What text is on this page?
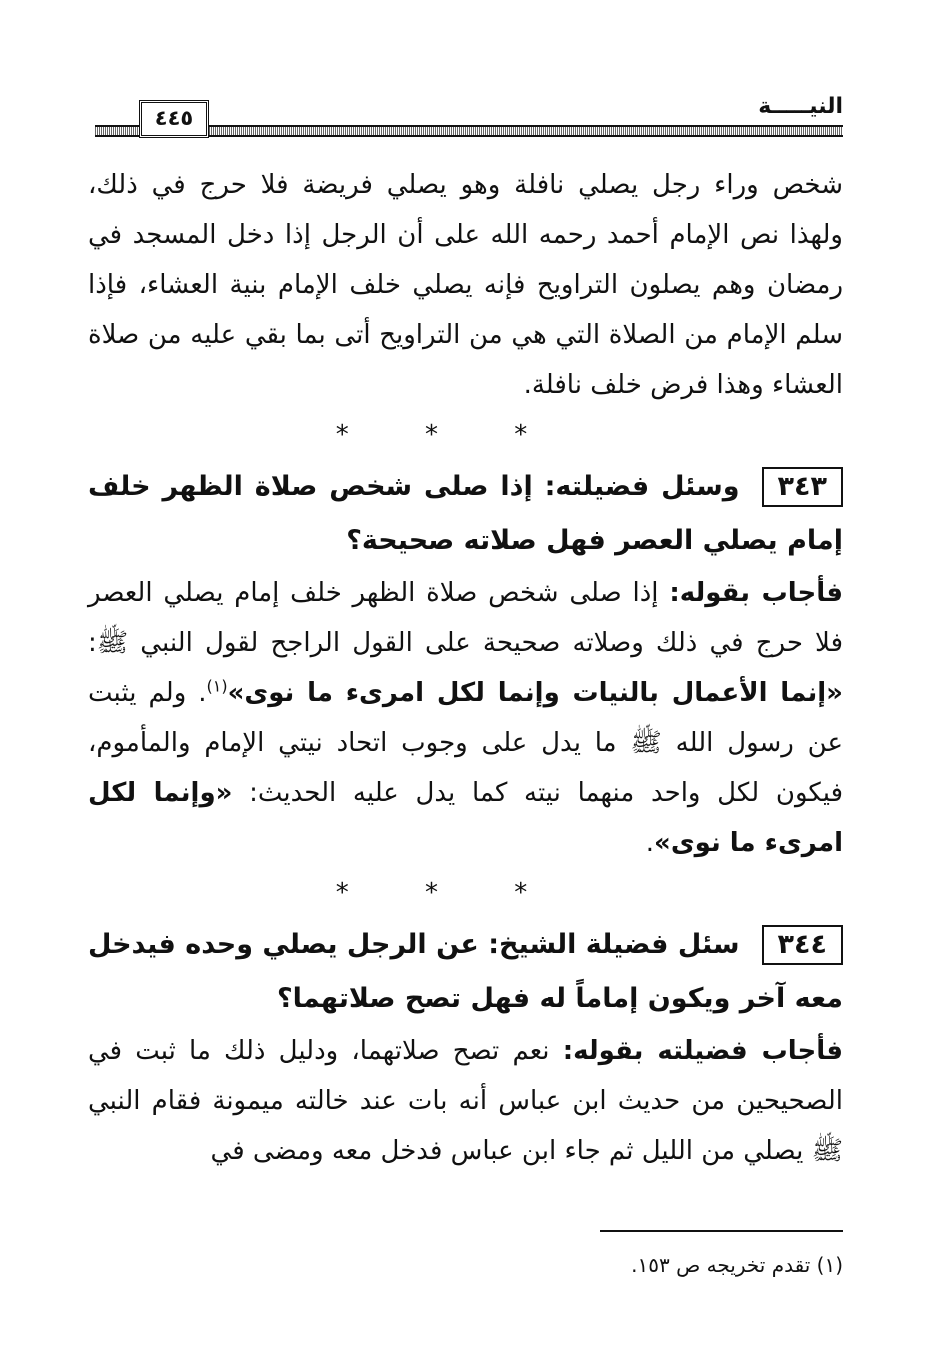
٤٤٥	النيـــــة

شخص وراء رجل يصلي نافلة وهو يصلي فريضة فلا حرج في ذلك، ولهذا نص الإمام أحمد رحمه الله على أن الرجل إذا دخل المسجد في رمضان وهم يصلون التراويح فإنه يصلي خلف الإمام بنية العشاء، فإذا سلم الإمام من الصلاة التي هي من التراويح أتى بما بقي عليه من صلاة العشاء وهذا فرض خلف نافلة.

* * *

٣٤٣وسئل فضيلته: إذا صلى شخص صلاة الظهر خلف إمام يصلي العصر فهل صلاته صحيحة؟

فأجاب بقوله: إذا صلى شخص صلاة الظهر خلف إمام يصلي العصر فلا حرج في ذلك وصلاته صحيحة على القول الراجح لقول النبي ﷺ: «إنما الأعمال بالنيات وإنما لكل امرىء ما نوى»$^{(١)}$. ولم يثبت عن رسول الله ﷺ ما يدل على وجوب اتحاد نيتي الإمام والمأموم، فيكون لكل واحد منهما نيته كما يدل عليه الحديث: «وإنما لكل امرىء ما نوى».

* * *

٣٤٤سئل فضيلة الشيخ: عن الرجل يصلي وحده فيدخل معه آخر ويكون إماماً له فهل تصح صلاتهما؟

فأجاب فضيلته بقوله: نعم تصح صلاتهما، ودليل ذلك ما ثبت في الصحيحين من حديث ابن عباس أنه بات عند خالته ميمونة فقام النبي ﷺ يصلي من الليل ثم جاء ابن عباس فدخل معه ومضى في

(١) تقدم تخريجه ص ١٥٣.
